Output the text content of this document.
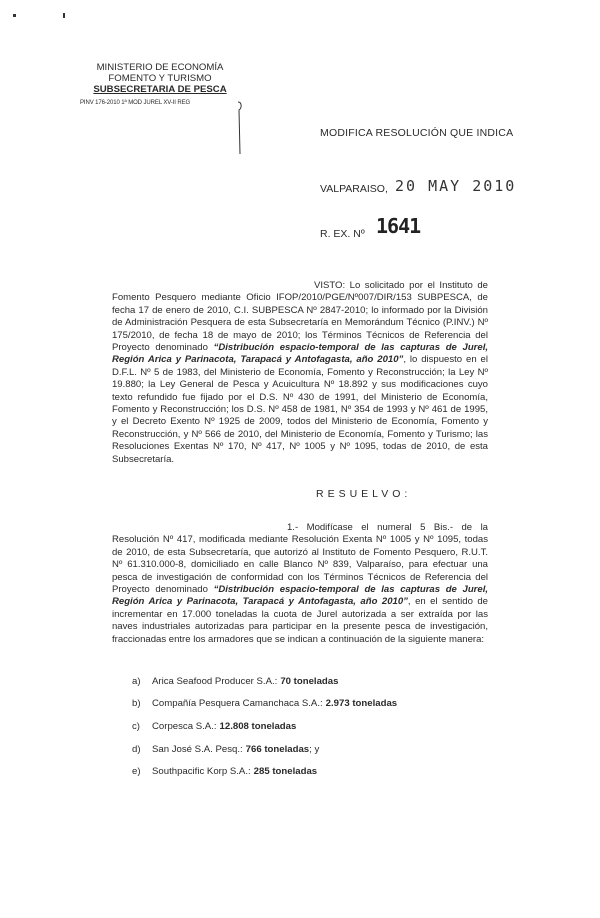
MINISTERIO DE ECONOMÍA
FOMENTO Y TURISMO
SUBSECRETARIA DE PESCA
PINV 176-2010 1ª MOD JUREL XV-II REG
MODIFICA RESOLUCIÓN QUE INDICA
VALPARAISO, 20 MAY 2010
R. EX. Nº 1641
VISTO: Lo solicitado por el Instituto de Fomento Pesquero mediante Oficio IFOP/2010/PGE/Nº007/DIR/153 SUBPESCA, de fecha 17 de enero de 2010, C.I. SUBPESCA Nº 2847-2010; lo informado por la División de Administración Pesquera de esta Subsecretaría en Memorándum Técnico (P.INV.) Nº 175/2010, de fecha 18 de mayo de 2010; los Términos Técnicos de Referencia del Proyecto denominado “Distribución espacio-temporal de las capturas de Jurel, Región Arica y Parinacota, Tarapacá y Antofagasta, año 2010”, lo dispuesto en el D.F.L. Nº 5 de 1983, del Ministerio de Economía, Fomento y Reconstrucción; la Ley Nº 19.880; la Ley General de Pesca y Acuicultura Nº 18.892 y sus modificaciones cuyo texto refundido fue fijado por el D.S. Nº 430 de 1991, del Ministerio de Economía, Fomento y Reconstrucción; los D.S. Nº 458 de 1981, Nº 354 de 1993 y Nº 461 de 1995, y el Decreto Exento Nº 1925 de 2009, todos del Ministerio de Economía, Fomento y Reconstrucción, y Nº 566 de 2010, del Ministerio de Economía, Fomento y Turismo; las Resoluciones Exentas Nº 170, Nº 417, Nº 1005 y Nº 1095, todas de 2010, de esta Subsecretaría.
RESUELVO:
1.- Modifícase el numeral 5 Bis.- de la Resolución Nº 417, modificada mediante Resolución Exenta Nº 1005 y Nº 1095, todas de 2010, de esta Subsecretaría, que autorizó al Instituto de Fomento Pesquero, R.U.T. Nº 61.310.000-8, domiciliado en calle Blanco Nº 839, Valparaíso, para efectuar una pesca de investigación de conformidad con los Términos Técnicos de Referencia del Proyecto denominado “Distribución espacio-temporal de las capturas de Jurel, Región Arica y Parinacota, Tarapacá y Antofagasta, año 2010”, en el sentido de incrementar en 17.000 toneladas la cuota de Jurel autorizada a ser extraída por las naves industriales autorizadas para participar en la presente pesca de investigación, fraccionadas entre los armadores que se indican a continuación de la siguiente manera:
a)	Arica Seafood Producer S.A.: 70 toneladas
b)	Compañía Pesquera Camanchaca S.A.: 2.973 toneladas
c)	Corpesca S.A.: 12.808 toneladas
d)	San José S.A. Pesq.: 766 toneladas ; y
e)	Southpacific Korp S.A.: 285 toneladas
